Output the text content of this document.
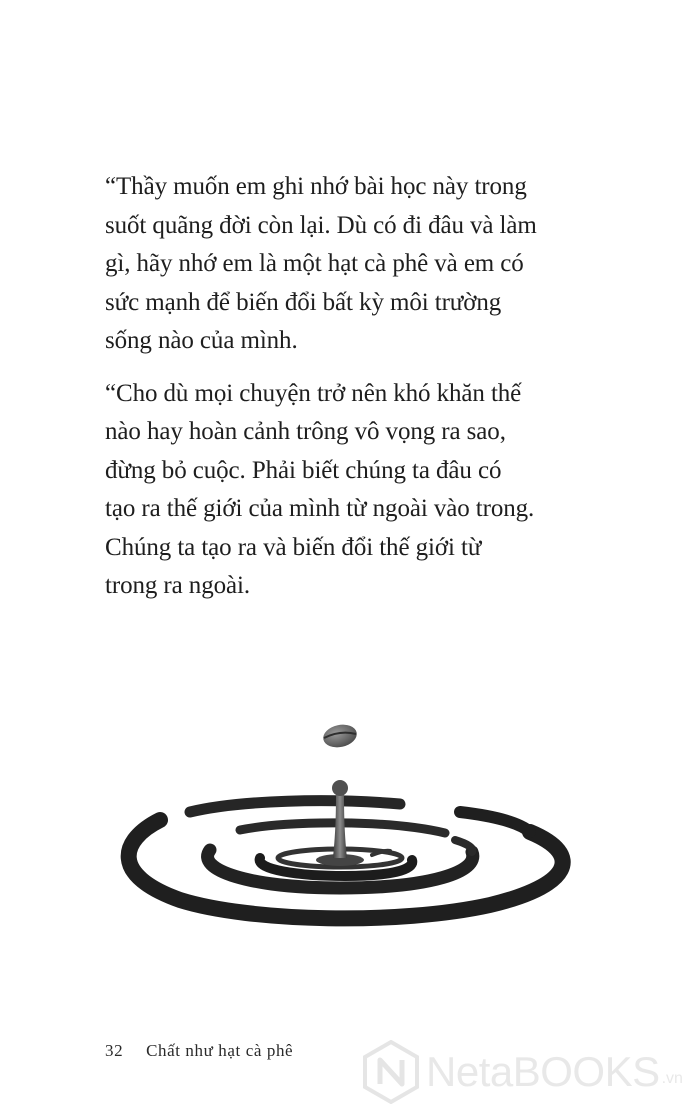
“Thầy muốn em ghi nhớ bài học này trong
suốt quãng đời còn lại. Dù có đi đâu và làm
gì, hãy nhớ em là một hạt cà phê và em có
sức mạnh để biến đổi bất kỳ môi trường
sống nào của mình.

“Cho dù mọi chuyện trở nên khó khăn thế
nào hay hoàn cảnh trông vô vọng ra sao,
đừng bỏ cuộc. Phải biết chúng ta đâu có
tạo ra thế giới của mình từ ngoài vào trong.
Chúng ta tạo ra và biến đổi thế giới từ
trong ra ngoài.

32 Chất như hạt cà phê	NetaBOOKS .vn
